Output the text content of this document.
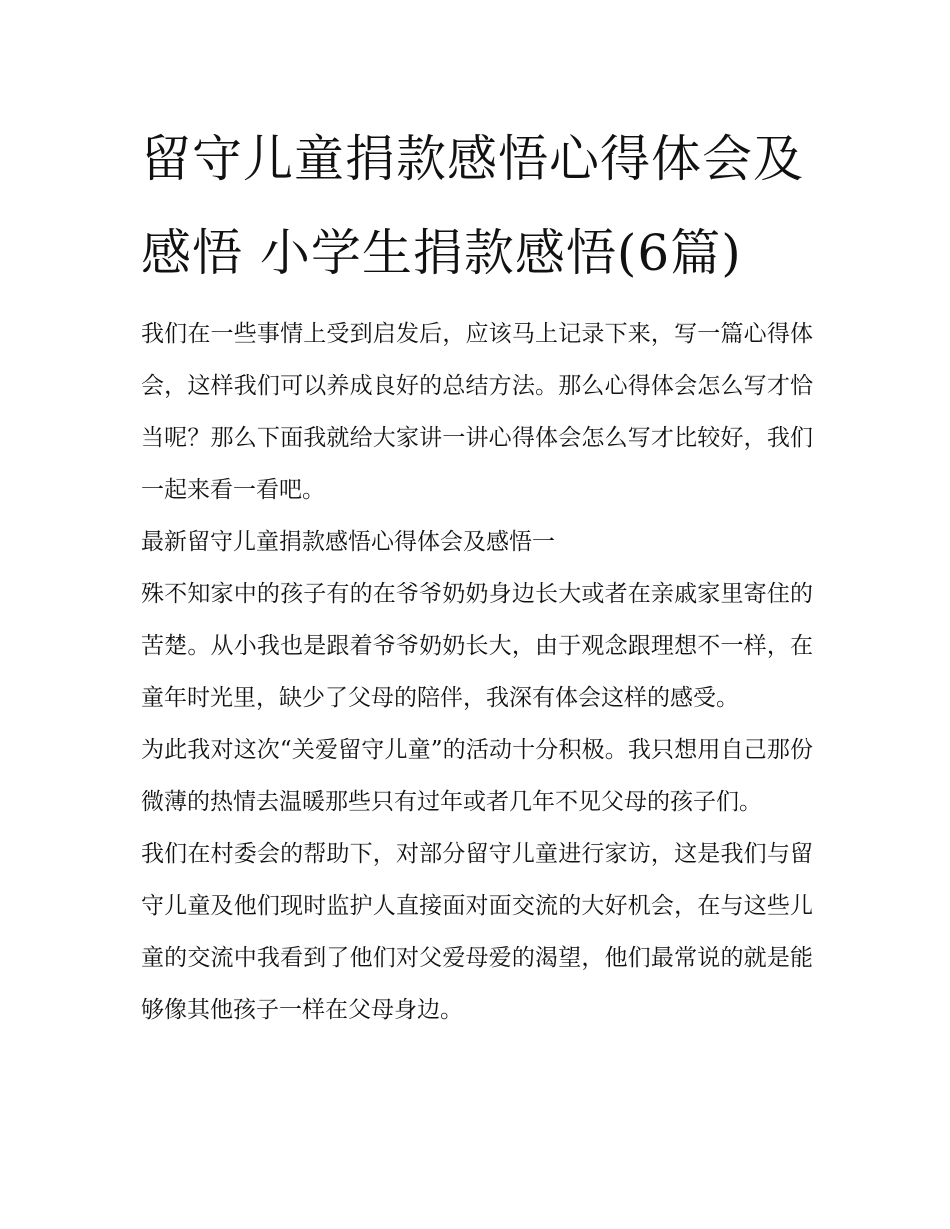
留守儿童捐款感悟心得体会及感悟 小学生捐款感悟(6篇)

我们在一些事情上受到启发后，应该马上记录下来，写一篇心得体会，这样我们可以养成良好的总结方法。那么心得体会怎么写才恰当呢？那么下面我就给大家讲一讲心得体会怎么写才比较好，我们一起来看一看吧。

最新留守儿童捐款感悟心得体会及感悟一

殊不知家中的孩子有的在爷爷奶奶身边长大或者在亲戚家里寄住的苦楚。从小我也是跟着爷爷奶奶长大，由于观念跟理想不一样，在童年时光里，缺少了父母的陪伴，我深有体会这样的感受。

为此我对这次“关爱留守儿童”的活动十分积极。我只想用自己那份微薄的热情去温暖那些只有过年或者几年不见父母的孩子们。

我们在村委会的帮助下，对部分留守儿童进行家访，这是我们与留守儿童及他们现时监护人直接面对面交流的大好机会，在与这些儿童的交流中我看到了他们对父爱母爱的渴望，他们最常说的就是能够像其他孩子一样在父母身边。
